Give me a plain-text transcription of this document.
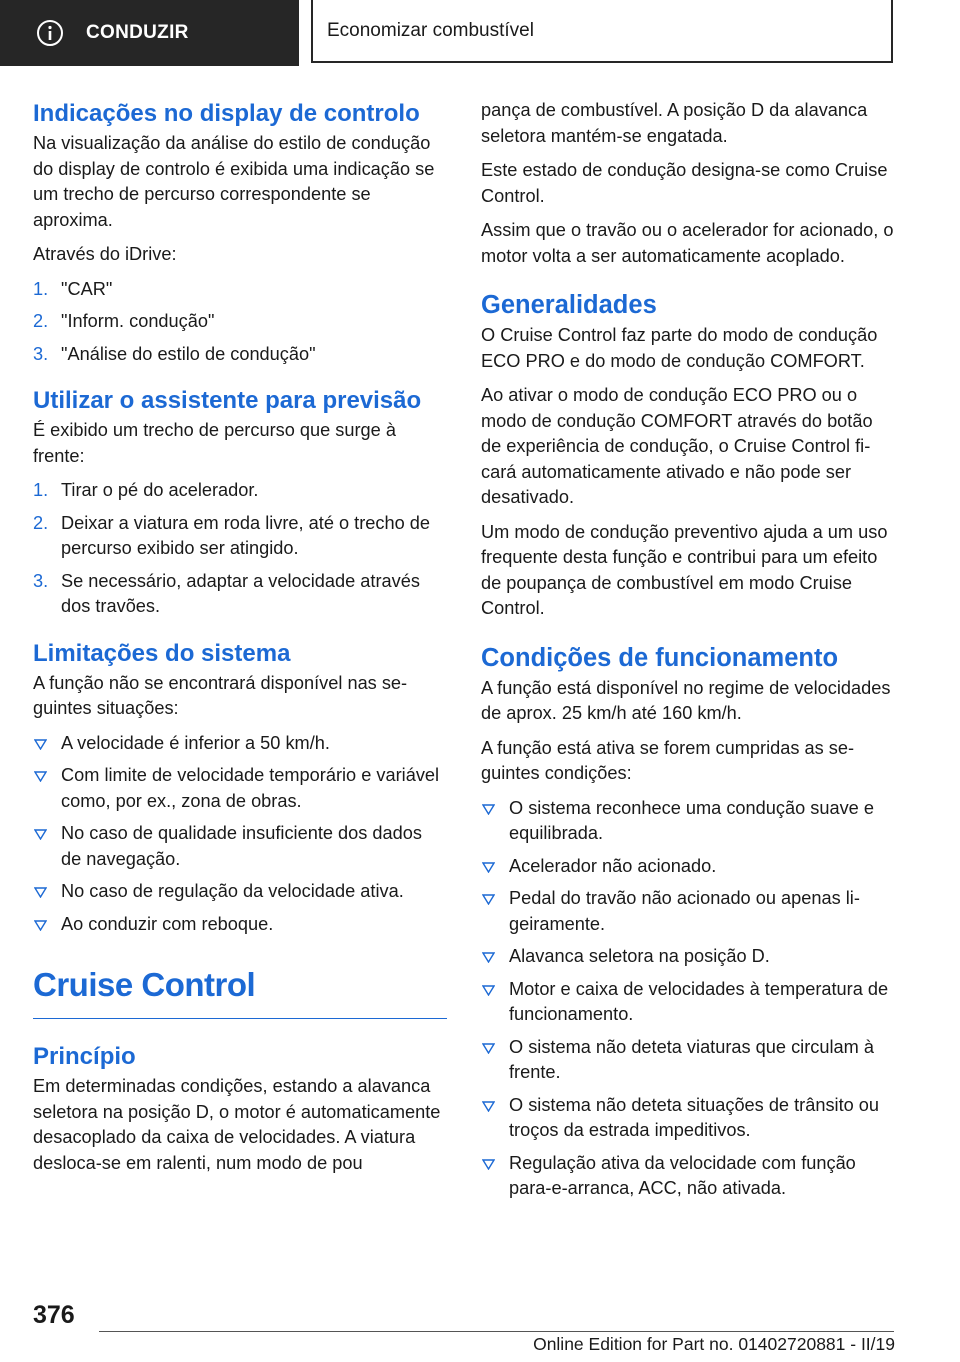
CONDUZIR	Economizar combustível
Indicações no display de controlo

Na visualização da análise do estilo de condução do display de controlo é exibida uma indicação se um trecho de percurso correspondente se aproxima.

Através do iDrive:

1. "CAR"
2. "Inform. condução"
3. "Análise do estilo de condução"
Utilizar o assistente para previsão

É exibido um trecho de percurso que surge à frente:

1. Tirar o pé do acelerador.
2. Deixar a viatura em roda livre, até o trecho de percurso exibido ser atingido.
3. Se necessário, adaptar a velocidade através dos travões.
Limitações do sistema

A função não se encontrará disponível nas seguintes situações:

A velocidade é inferior a 50 km/h.
Com limite de velocidade temporário e variável como, por ex., zona de obras.
No caso de qualidade insuficiente dos dados de navegação.
No caso de regulação da velocidade ativa.
Ao conduzir com reboque.
Cruise Control
Princípio

Em determinadas condições, estando a alavanca seletora na posição D, o motor é automaticamente desacoplado da caixa de velocidades. A viatura desloca-se em ralenti, num modo de pou

pança de combustível. A posição D da alavanca seletora mantém-se engatada.

Este estado de condução designa-se como Cruise Control.

Assim que o travão ou o acelerador for acionado, o motor volta a ser automaticamente acoplado.

Generalidades

O Cruise Control faz parte do modo de condução ECO PRO e do modo de condução COMFORT.

Ao ativar o modo de condução ECO PRO ou o modo de condução COMFORT através do botão de experiência de condução, o Cruise Control ficará automaticamente ativado e não pode ser desativado.

Um modo de condução preventivo ajuda a um uso frequente desta função e contribui para um efeito de poupança de combustível em modo Cruise Control.

Condições de funcionamento

A função está disponível no regime de velocidades de aprox. 25 km/h até 160 km/h.

A função está ativa se forem cumpridas as seguintes condições:

O sistema reconhece uma condução suave e equilibrada.
Acelerador não acionado.
Pedal do travão não acionado ou apenas ligeiramente.
Alavanca seletora na posição D.
Motor e caixa de velocidades à temperatura de funcionamento.
O sistema não deteta viaturas que circulam à frente.
O sistema não deteta situações de trânsito ou troços da estrada impeditivos.
Regulação ativa da velocidade com função para-e-arranca, ACC, não ativada.
376
Online Edition for Part no. 01402720881 - II/19
